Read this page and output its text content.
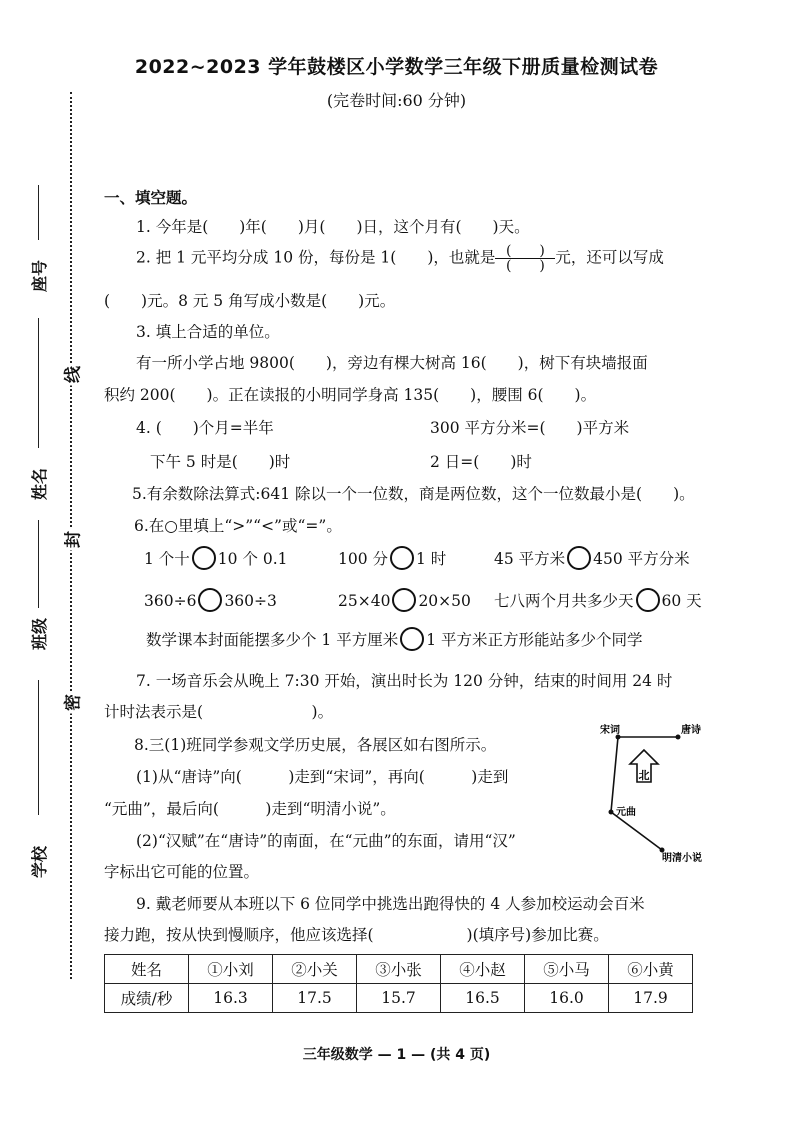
2022~2023 学年鼓楼区小学数学三年级下册质量检测试卷
(完卷时间:60 分钟)
座号
姓名
班级
学校
线
封
密
一、填空题。
1. 今年是(　　)年(　　)月(　　)日，这个月有(　　)天。
2. 把 1 元平均分成 10 份，每份是 1(　　)，也就是 $\frac{( )}{( )}$ 元，还可以写成
(　　)元。8 元 5 角写成小数是(　　)元。
3. 填上合适的单位。
有一所小学占地 9800(　　)，旁边有棵大树高 16(　　)，树下有块墙报面
积约 200(　　)。正在读报的小明同学身高 135(　　)，腰围 6(　　)。
4. (　　)个月=半年	300 平方分米=(　　)平方米
下午 5 时是(　　)时	2 日=(　　)时
5.有余数除法算式:641 除以一个一位数，商是两位数，这个一位数最小是(　　)。
6.在○里填上“>”“<”或“=”。
1 个十 10 个 0.1	100 分 1 时	45 平方米 450 平方分米
360÷6 360÷3	25×40 20×50 七八两个月共多少天 60 天
数学课本封面能摆多少个 1 平方厘米 1 平方米正方形能站多少个同学
7. 一场音乐会从晚上 7:30 开始，演出时长为 120 分钟，结束的时间用 24 时
计时法表示是(　　　　　　　)。
8.三(1)班同学参观文学历史展，各展区如右图所示。
(1)从“唐诗”向(　　　)走到“宋词”，再向(　　　)走到
“元曲”，最后向(　　　)走到“明清小说”。
(2)“汉赋”在“唐诗”的南面，在“元曲”的东面，请用“汉”
字标出它可能的位置。
宋词	唐诗
元曲
明清小说
北
9. 戴老师要从本班以下 6 位同学中挑选出跑得快的 4 人参加校运动会百米
接力跑，按从快到慢顺序，他应该选择(　　　　　　)(填序号)参加比赛。
姓名	①小刘	②小关	③小张	④小赵	⑤小马	⑥小黄
成绩/秒	16.3	17.5	15.7	16.5	16.0	17.9
三年级数学 — 1 — (共 4 页)
